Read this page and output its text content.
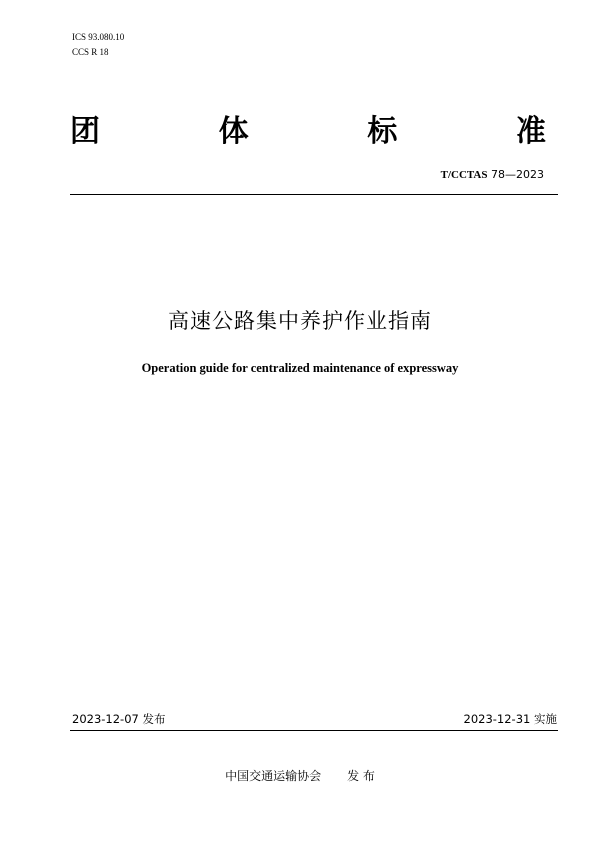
ICS 93.080.10
CCS R 18
团	体	标	准
T/CCTAS 78—2023
高速公路集中养护作业指南
Operation guide for centralized maintenance of expressway
2023-12-07 发布	2023-12-31 实施
中国交通运输协会 发 布
